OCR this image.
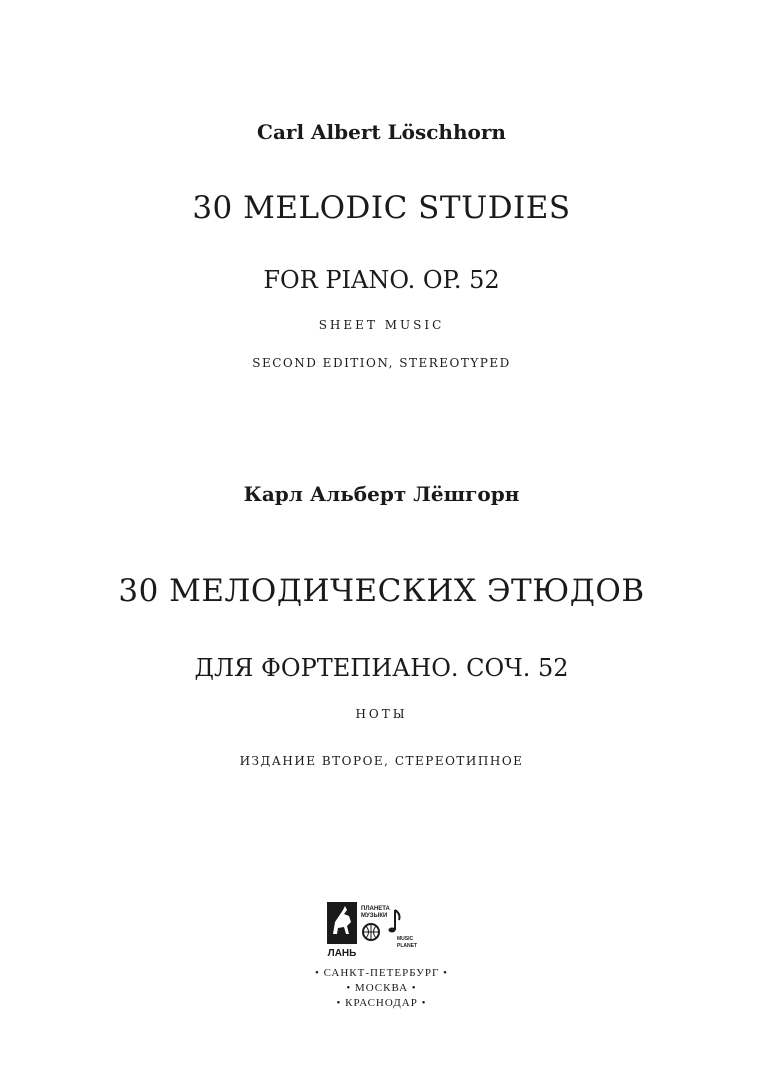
Carl Albert Löschhorn
30 MELODIC STUDIES
FOR PIANO. OP. 52
SHEET MUSIC
SECOND EDITION, STEREOTYPED
Карл Альберт Лёшгорн
30 МЕЛОДИЧЕСКИХ ЭТЮДОВ
ДЛЯ ФОРТЕПИАНО. СОЧ. 52
НОТЫ
ИЗДАНИЕ ВТОРОЕ, СТЕРЕОТИПНОЕ
ЛАНЬ
ПЛАНЕТА
МУЗЫКИ
MUSIC
PLANET
• САНКТ-ПЕТЕРБУРГ •
• МОСКВА •
• КРАСНОДАР •
